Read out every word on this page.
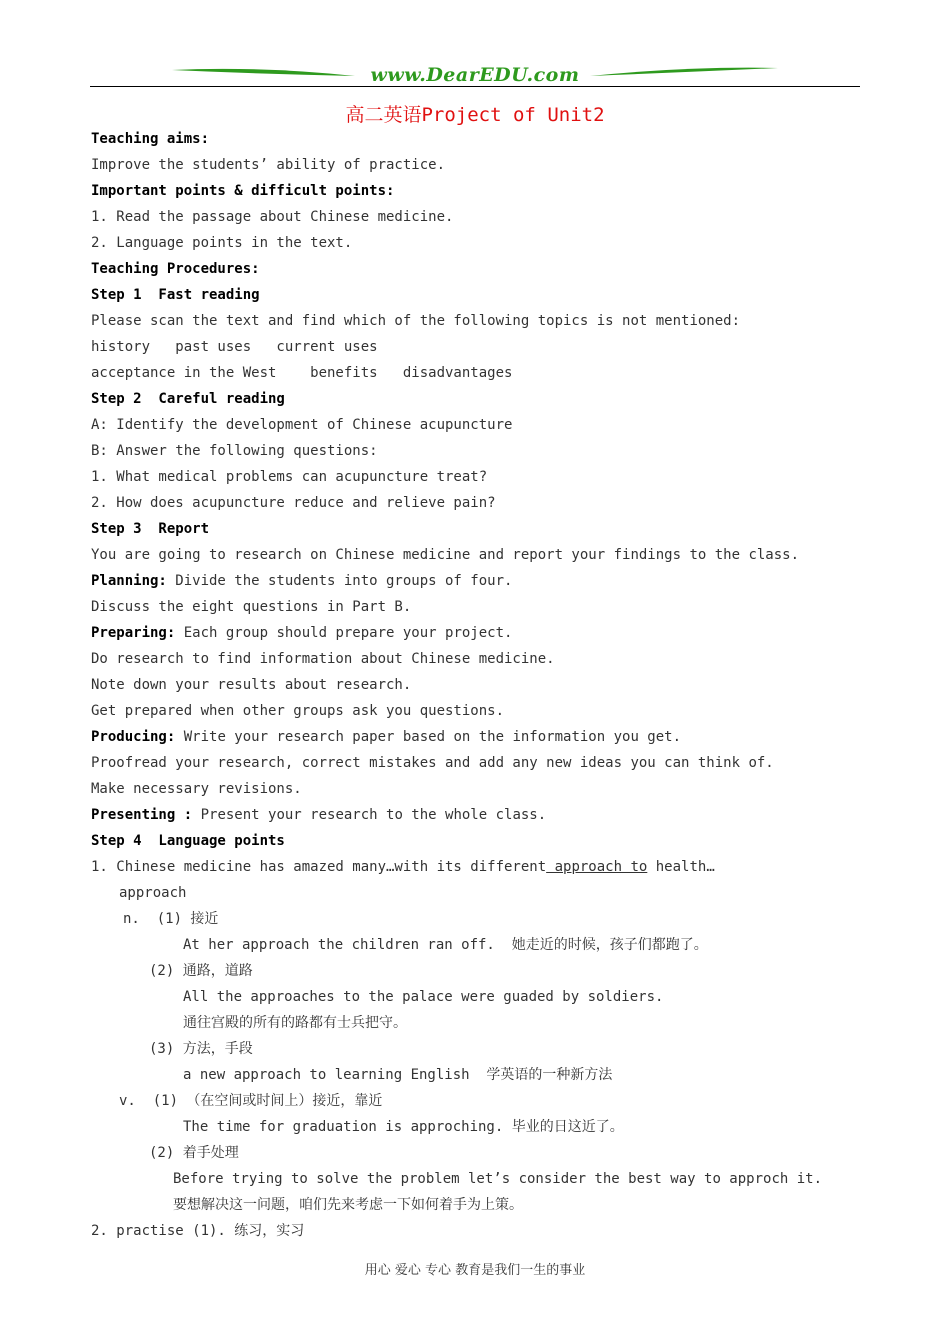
www.DearEDU.com
高二英语Project of Unit2
Teaching aims:
Improve the students’ ability of practice.
Important points & difficult points:
1. Read the passage about Chinese medicine.
2. Language points in the text.
Teaching Procedures:
Step 1  Fast reading
Please scan the text and find which of the following topics is not mentioned:
history   past uses   current uses
acceptance in the West    benefits   disadvantages
Step 2  Careful reading
A: Identify the development of Chinese acupuncture
B: Answer the following questions:
1. What medical problems can acupuncture treat?
2. How does acupuncture reduce and relieve pain?
Step 3  Report
You are going to research on Chinese medicine and report your findings to the class.
Planning: Divide the students into groups of four.
Discuss the eight questions in Part B.
Preparing: Each group should prepare your project.
Do research to find information about Chinese medicine.
Note down your results about research.
Get prepared when other groups ask you questions.
Producing: Write your research paper based on the information you get.
Proofread your research, correct mistakes and add any new ideas you can think of.
Make necessary revisions.
Presenting : Present your research to the whole class.
Step 4  Language points
1. Chinese medicine has amazed many…with its different approach to health…
approach
n.  (1) 接近
At her approach the children ran off.  她走近的时候，孩子们都跑了。
(2) 通路，道路
All the approaches to the palace were guaded by soldiers.
通往宫殿的所有的路都有士兵把守。
(3) 方法，手段
a new approach to learning English  学英语的一种新方法
v.  (1) （在空间或时间上）接近，靠近
The time for graduation is approching. 毕业的日这近了。
(2) 着手处理
Before trying to solve the problem let’s consider the best way to approch it.
要想解决这一问题，咱们先来考虑一下如何着手为上策。
2. practise (1). 练习，实习
用心 爱心 专心 教育是我们一生的事业
